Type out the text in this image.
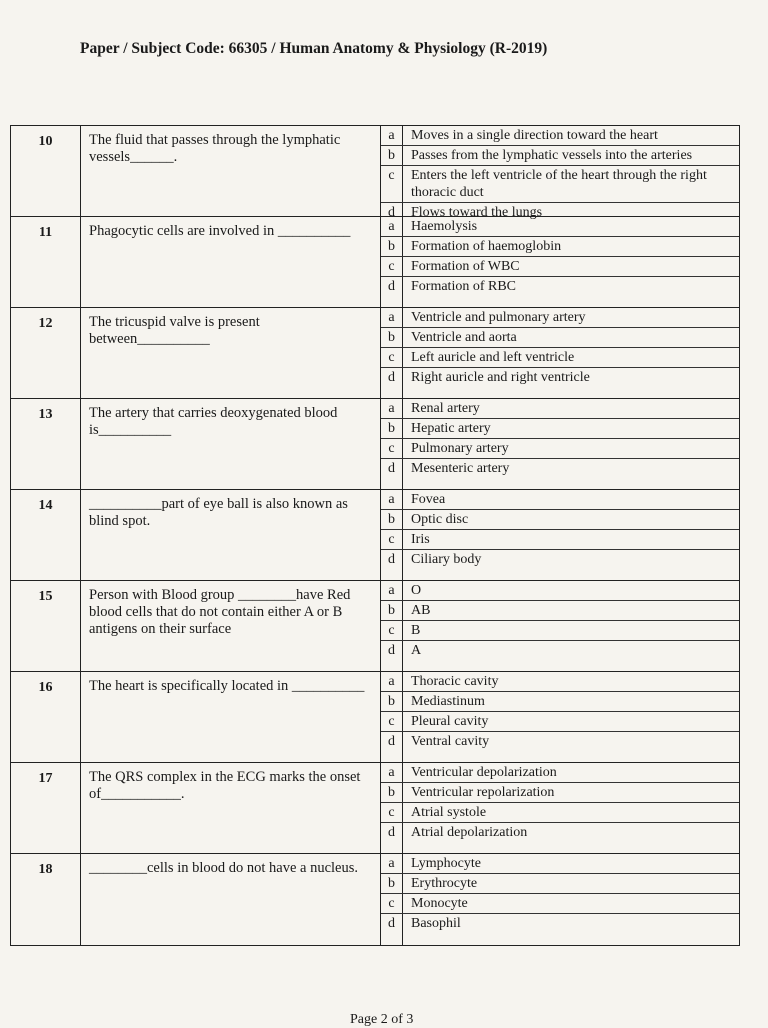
Paper / Subject Code: 66305 / Human Anatomy & Physiology (R-2019)
10	The fluid that passes through the lymphatic vessels______.
a	Moves in a single direction toward the heart
b	Passes from the lymphatic vessels into the arteries
c	Enters the left ventricle of the heart through the right thoracic duct
d	Flows toward the lungs
11	Phagocytic cells are involved in __________	a	Haemolysis
b	Formation of haemoglobin
c	Formation of WBC
d	Formation of RBC
12	The tricuspid valve is present between__________
a	Ventricle and pulmonary artery
b	Ventricle and aorta
c	Left auricle and left ventricle
d	Right auricle and right ventricle
13	The artery that carries deoxygenated blood is__________
a	Renal artery
b	Hepatic artery
c	Pulmonary artery
d	Mesenteric artery
14	__________part of eye ball is also known as blind spot.
a	Fovea
b	Optic disc
c	Iris
d	Ciliary body
15	Person with Blood group ________have Red blood cells that do not contain either A or B antigens on their surface
a	O
b	AB
c	B
d	A
16	The heart is specifically located in __________	a	Thoracic cavity
b	Mediastinum
c	Pleural cavity
d	Ventral cavity
17	The QRS complex in the ECG marks the onset of___________.
a	Ventricular depolarization
b	Ventricular repolarization
c	Atrial systole
d	Atrial depolarization
18	________cells in blood do not have a nucleus.	a	Lymphocyte
b	Erythrocyte
c	Monocyte
d	Basophil
Page 2 of 3
